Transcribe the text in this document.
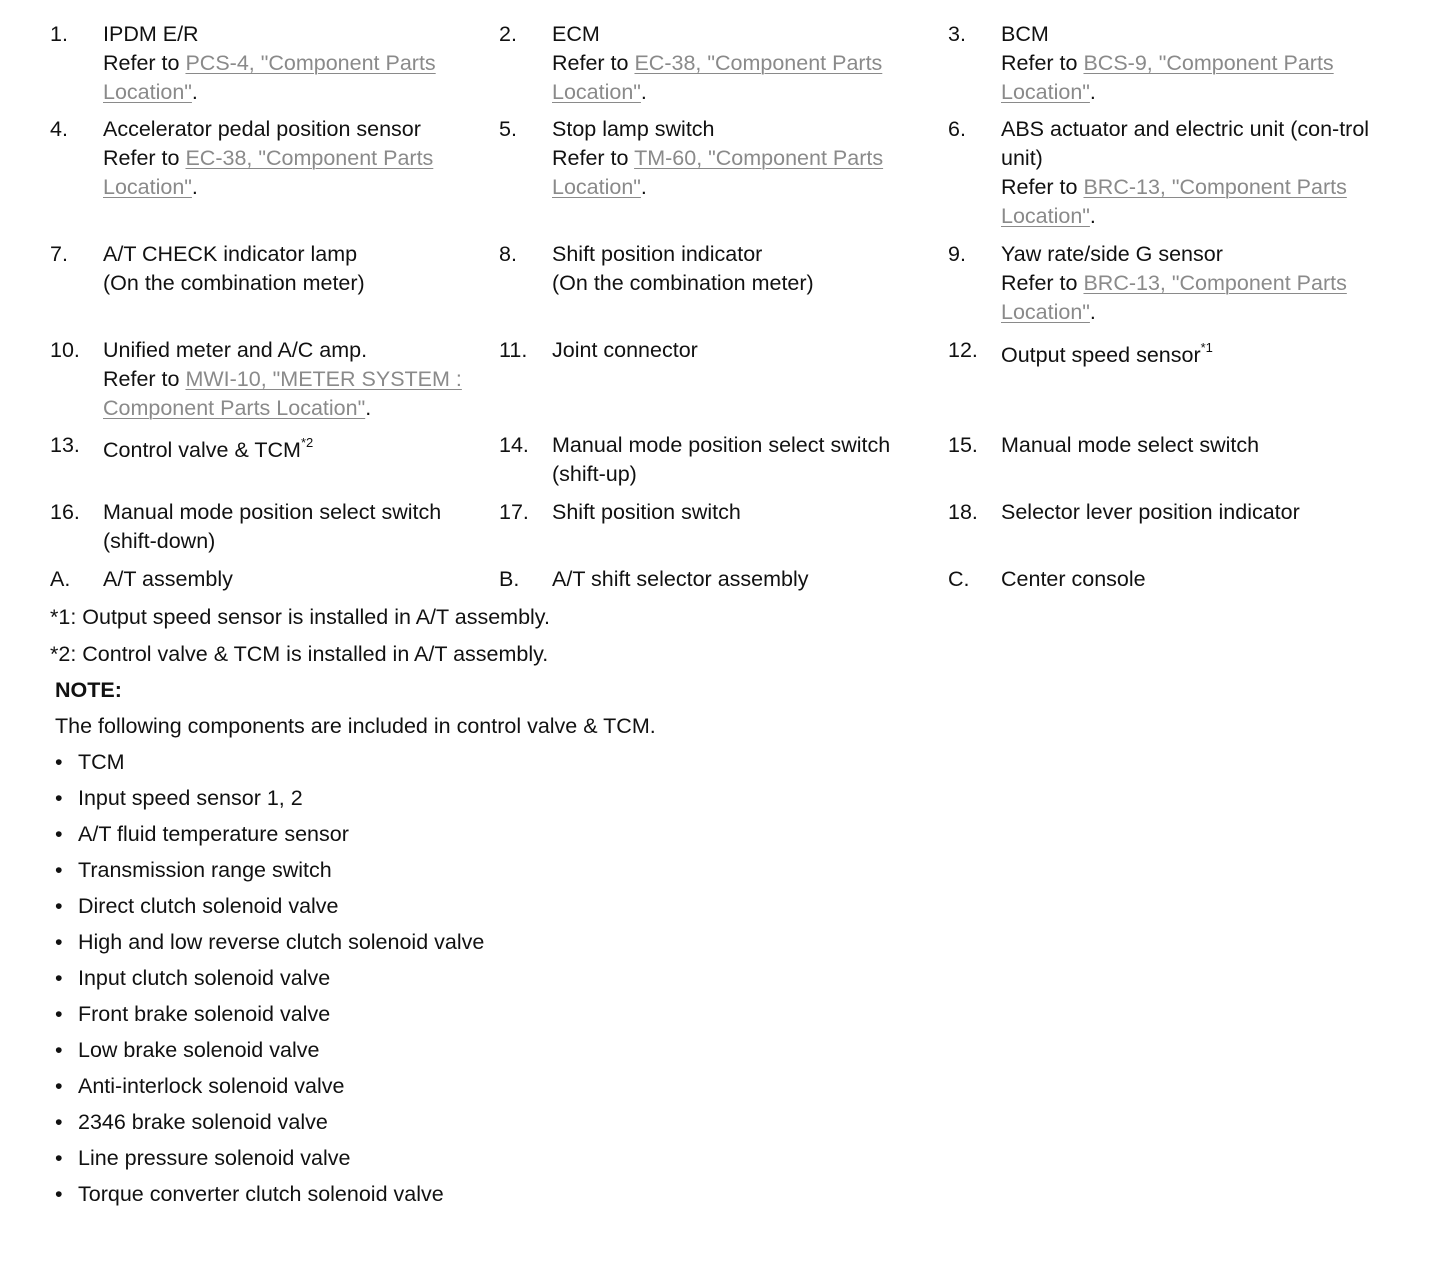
1.	IPDM E/R
Refer to PCS-4, "Component Parts Location".
2.	ECM
Refer to EC-38, "Component Parts Location".
3.	BCM
Refer to BCS-9, "Component Parts Location".
4.	Accelerator pedal position sensor
Refer to EC-38, "Component Parts Location".
5.	Stop lamp switch
Refer to TM-60, "Component Parts Location".
6.	ABS actuator and electric unit (con-trol unit)
Refer to BRC-13, "Component Parts Location".
7.	A/T CHECK indicator lamp
(On the combination meter)
8.	Shift position indicator
(On the combination meter)
9.	Yaw rate/side G sensor
Refer to BRC-13, "Component Parts Location".
10.	Unified meter and A/C amp.
Refer to MWI-10, "METER SYSTEM : Component Parts Location".
11.	Joint connector	12.	Output speed sensor$^{*1}$
13.	Control valve & TCM$^{*2}$	14.	Manual mode position select switch
(shift-up)
15.	Manual mode select switch
16.	Manual mode position select switch
(shift-down)
17.	Shift position switch	18.	Selector lever position indicator
A.	A/T assembly	B.	A/T shift selector assembly	C.	Center console
*1: Output speed sensor is installed in A/T assembly.
*2: Control valve & TCM is installed in A/T assembly.
NOTE:
The following components are included in control valve & TCM.
• TCM
• Input speed sensor 1, 2
• A/T fluid temperature sensor
• Transmission range switch
• Direct clutch solenoid valve
• High and low reverse clutch solenoid valve
• Input clutch solenoid valve
• Front brake solenoid valve
• Low brake solenoid valve
• Anti-interlock solenoid valve
• 2346 brake solenoid valve
• Line pressure solenoid valve
• Torque converter clutch solenoid valve
